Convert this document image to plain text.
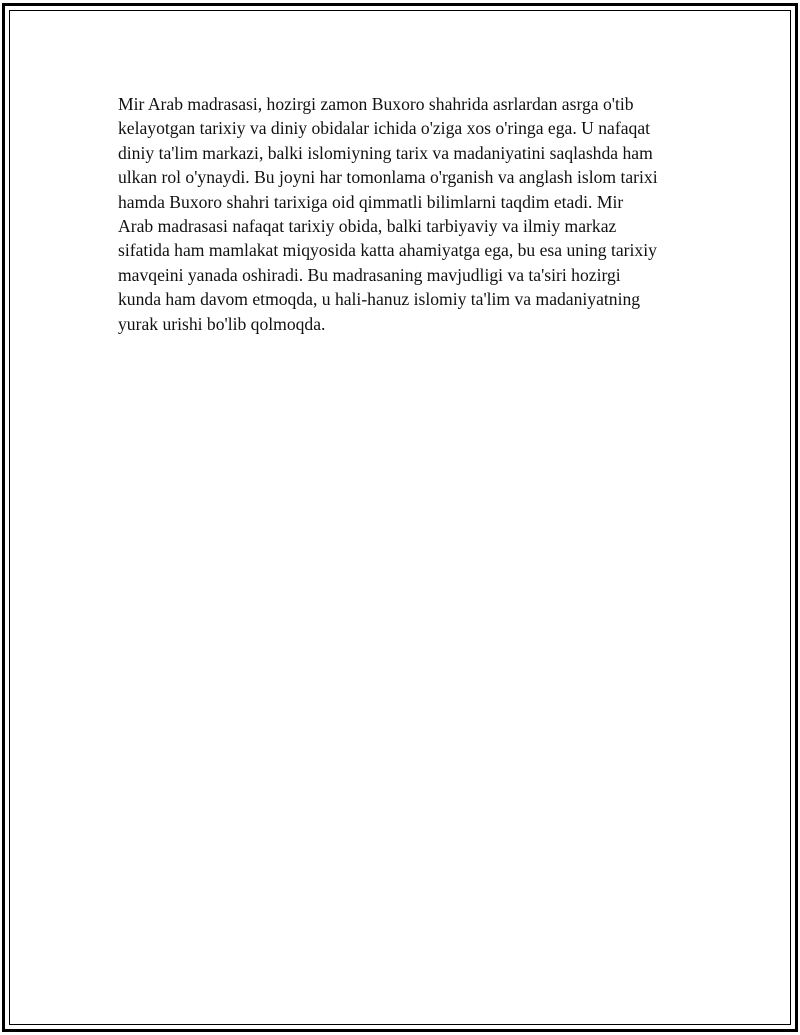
Mir Arab madrasasi, hozirgi zamon Buxoro shahrida asrlardan asrga o'tib
kelayotgan tarixiy va diniy obidalar ichida o'ziga xos o'ringa ega. U nafaqat
diniy ta'lim markazi, balki islomiyning tarix va madaniyatini saqlashda ham
ulkan rol o'ynaydi. Bu joyni har tomonlama o'rganish va anglash islom tarixi
hamda Buxoro shahri tarixiga oid qimmatli bilimlarni taqdim etadi. Mir
Arab madrasasi nafaqat tarixiy obida, balki tarbiyaviy va ilmiy markaz
sifatida ham mamlakat miqyosida katta ahamiyatga ega, bu esa uning tarixiy
mavqeini yanada oshiradi. Bu madrasaning mavjudligi va ta'siri hozirgi
kunda ham davom etmoqda, u hali-hanuz islomiy ta'lim va madaniyatning
yurak urishi bo'lib qolmoqda.
